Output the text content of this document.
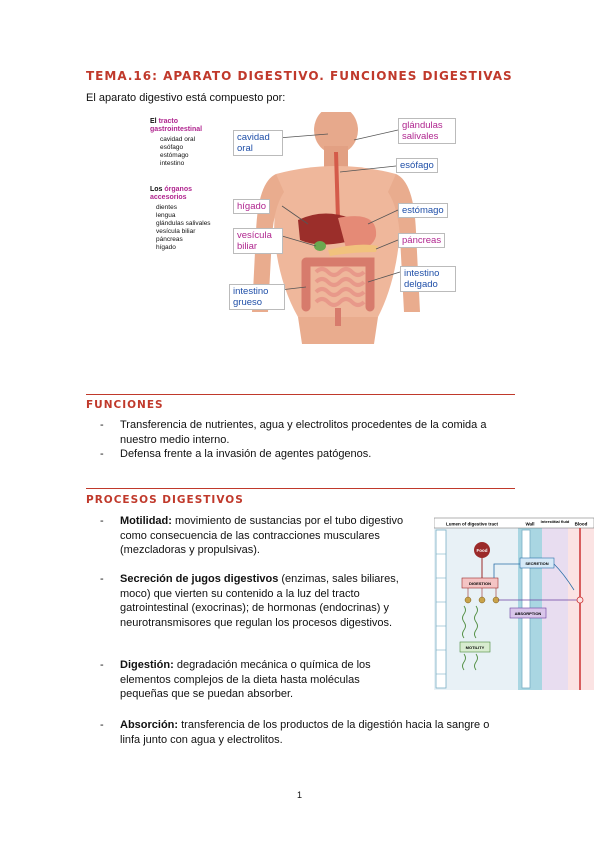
TEMA.16: APARATO DIGESTIVO. FUNCIONES DIGESTIVAS
El aparato digestivo está compuesto por:
El tracto
gastrointestinal
cavidad oral
esófago
estómago
intestino
Los órganos
accesorios
dientes
lengua
glándulas salivales
vesícula biliar
páncreas
hígado
cavidad oral
hígado
vesícula biliar
intestino grueso
glándulas salivales
esófago
estómago
páncreas
intestino delgado
FUNCIONES
-	Transferencia de nutrientes, agua y electrolitos procedentes de la comida a nuestro medio interno.
-	Defensa frente a la invasión de agentes patógenos.
PROCESOS DIGESTIVOS
-	Motilidad: movimiento de sustancias por el tubo digestivo como consecuencia de las contracciones musculares (mezcladoras y propulsivas).
-	Secreción de jugos digestivos (enzimas, sales biliares, moco) que vierten su contenido a la luz del tracto gatrointestinal (exocrinas); de hormonas (endocrinas) y neurotransmisores que regulan los procesos digestivos.
-	Digestión: degradación mecánica o química de los elementos complejos de la dieta hasta moléculas pequeñas que se puedan absorber.
-	Absorción: transferencia de los productos de la digestión hacia la sangre o linfa junto con agua y electrolitos.
Lumen of digestive tract	Wall Interstitial fluid Blood
Food
DIGESTION
SECRETION
ABSORPTION
MOTILITY
1
